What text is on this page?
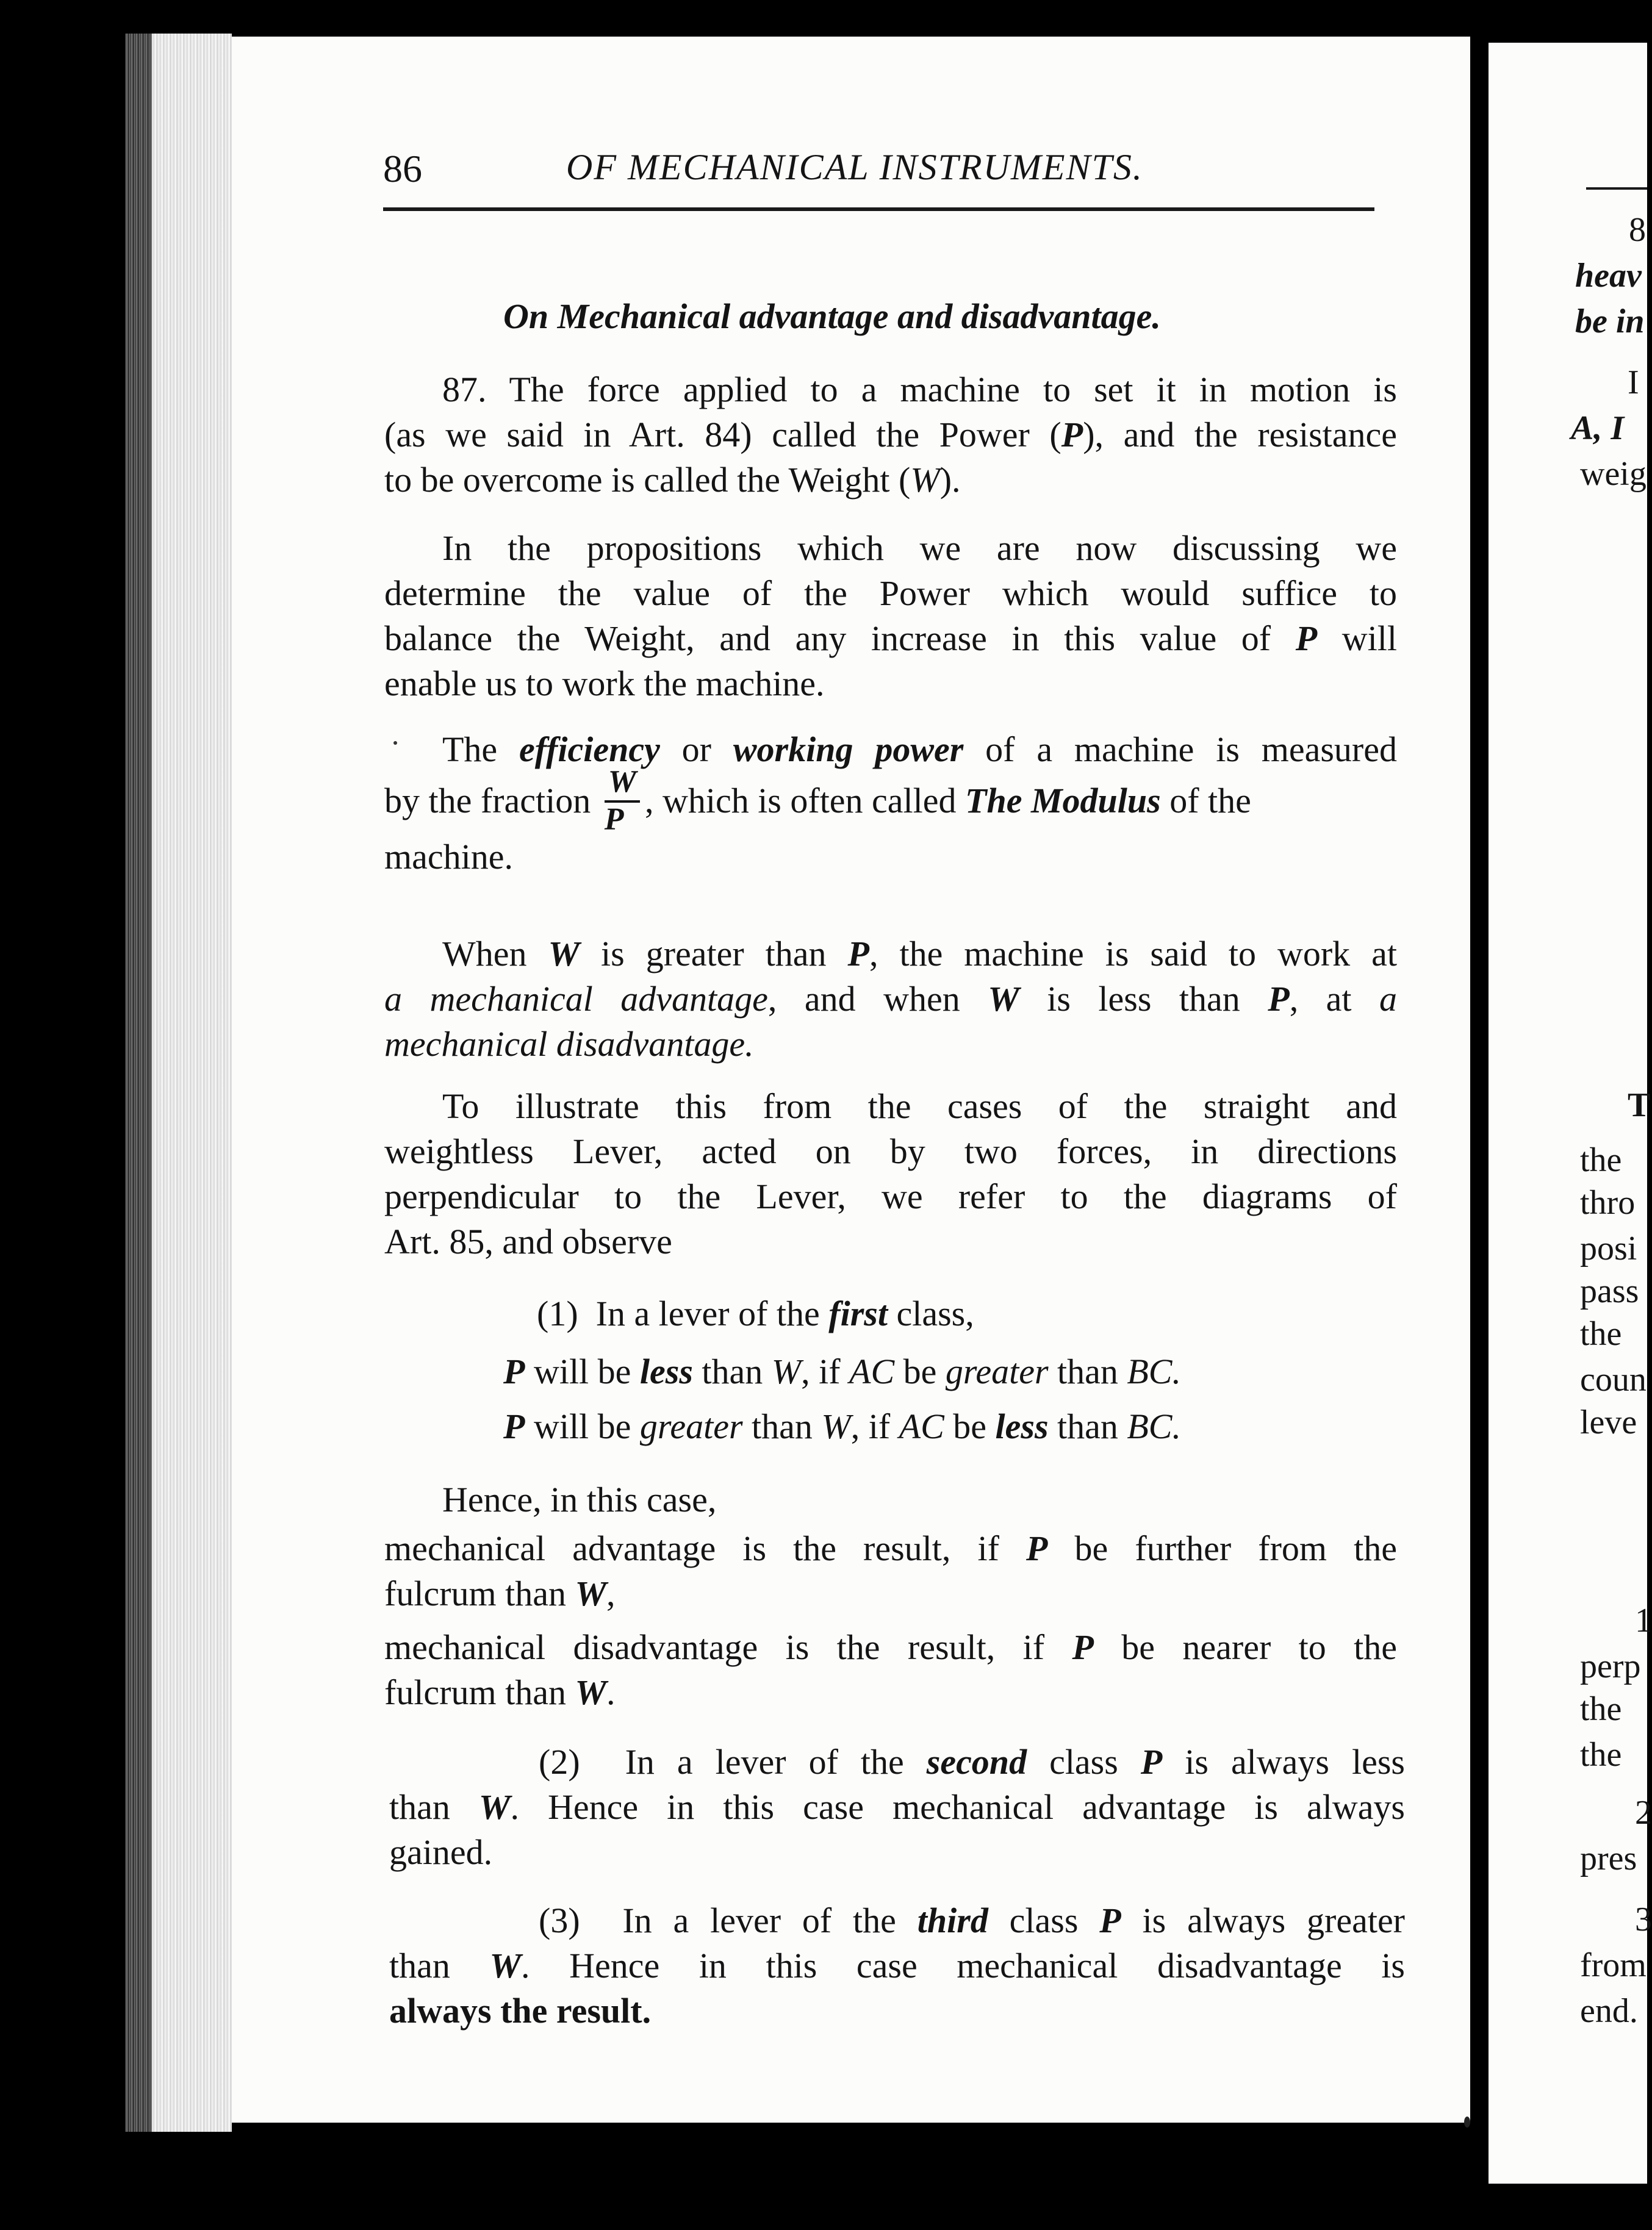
8
heav
be in
I
A, I
weig
T
the
thro
posi
pass
the
coun
leve
1
perp
the
the
2
pres
3
from
end.
86	OF MECHANICAL INSTRUMENTS.
On Mechanical advantage and disadvantage.

87. The force applied to a machine to set it in motion is

(as we said in Art. 84) called the Power (P), and the resistance

to be overcome is called the Weight (W).

In the propositions which we are now discussing we

determine the value of the Power which would suffice to

balance the Weight, and any increase in this value of P will

enable us to work the machine.

The efficiency or working power of a machine is measured

by the fraction $\frac{W}{P}$ , which is often called The Modulus of the

machine.

When W is greater than P, the machine is said to work at

a mechanical advantage, and when W is less than P, at a

mechanical disadvantage.

To illustrate this from the cases of the straight and

weightless Lever, acted on by two forces, in directions

perpendicular to the Lever, we refer to the diagrams of

Art. 85, and observe

(1)  In a lever of the first class,

P will be less than W, if AC be greater than BC.

P will be greater than W, if AC be less than BC.

Hence, in this case,

mechanical advantage is the result, if P be further from the

fulcrum than W,

mechanical disadvantage is the result, if P be nearer to the

fulcrum than W.

(2)  In a lever of the second class P is always less

than W. Hence in this case mechanical advantage is always

gained.

(3)  In a lever of the third class P is always greater

than W. Hence in this case mechanical disadvantage is

always the result.
